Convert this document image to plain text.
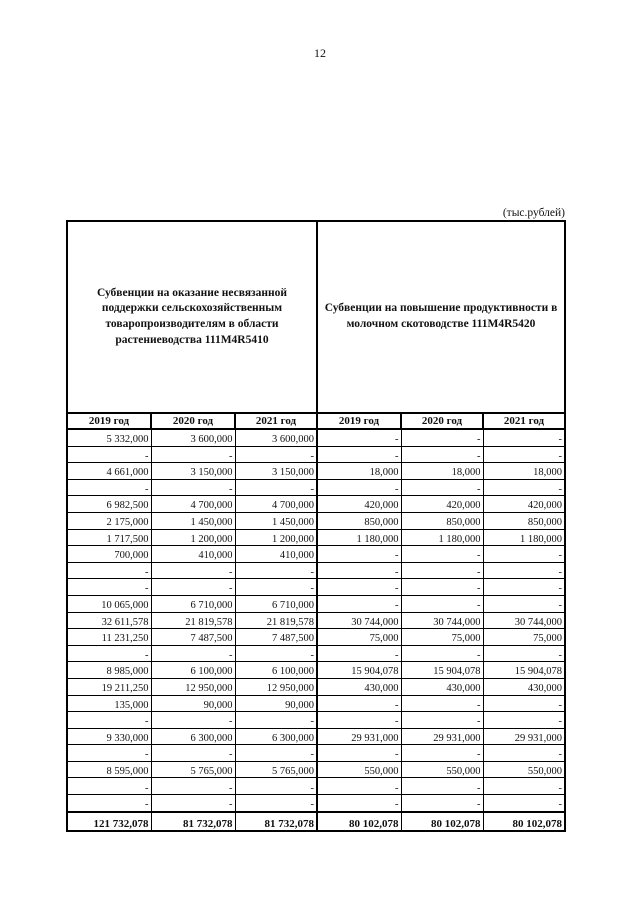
12
(тыс.рублей)
Субвенции на оказание несвязанной поддержки сельскохозяйственным товаропроизводителям в области растениеводства 111M4R5410			Субвенции на повышение продуктивности в молочном скотоводстве 111M4R5420		
2019 год	2020 год	2021 год	2019 год	2020 год	2021 год
5 332,000	3 600,000	3 600,000	-	-	-
-	-	-	-	-	-
4 661,000	3 150,000	3 150,000	18,000	18,000	18,000
-	-	-	-	-	-
6 982,500	4 700,000	4 700,000	420,000	420,000	420,000
2 175,000	1 450,000	1 450,000	850,000	850,000	850,000
1 717,500	1 200,000	1 200,000	1 180,000	1 180,000	1 180,000
700,000	410,000	410,000	-	-	-
-	-	-	-	-	-
-	-	-	-	-	-
10 065,000	6 710,000	6 710,000	-	-	-
32 611,578	21 819,578	21 819,578	30 744,000	30 744,000	30 744,000
11 231,250	7 487,500	7 487,500	75,000	75,000	75,000
-	-	-	-	-	-
8 985,000	6 100,000	6 100,000	15 904,078	15 904,078	15 904,078
19 211,250	12 950,000	12 950,000	430,000	430,000	430,000
135,000	90,000	90,000	-	-	-
-	-	-	-	-	-
9 330,000	6 300,000	6 300,000	29 931,000	29 931,000	29 931,000
-	-	-	-	-	-
8 595,000	5 765,000	5 765,000	550,000	550,000	550,000
-	-	-	-	-	-
-	-	-	-	-	-
121 732,078	81 732,078	81 732,078	80 102,078	80 102,078	80 102,078
